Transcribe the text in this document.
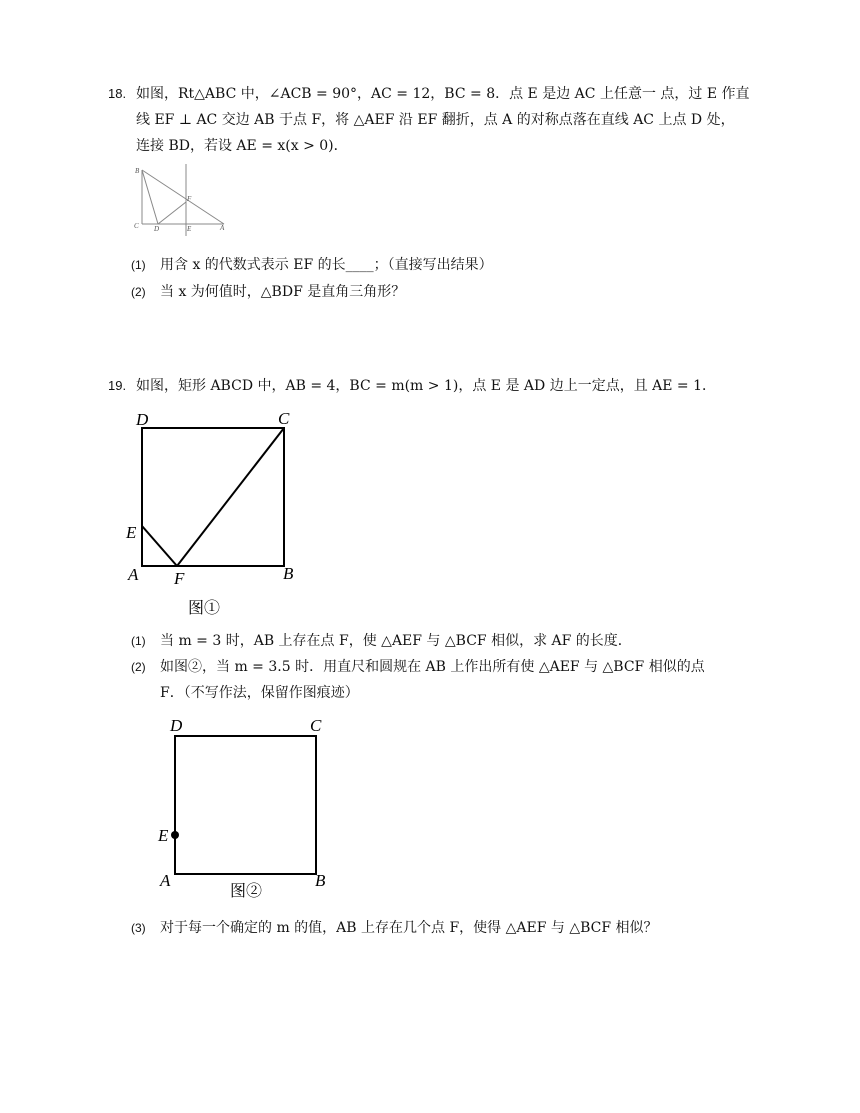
18. 如图，Rt△ABC 中，∠ACB = 90°，AC = 12，BC = 8．点 E 是边 AC 上任意一 点，过 E 作直
线 EF ⊥ AC 交边 AB 于点 F，将 △AEF 沿 EF 翻折，点 A 的对称点落在直线 AC 上点 D 处，
连接 BD，若设 AE = x(x > 0)．
B
C D	E
F
A
(1) 用含 x 的代数式表示 EF 的长____；（直接写出结果）
(2) 当 x 为何值时，△BDF 是直角三角形？
19. 如图，矩形 ABCD 中，AB = 4，BC = m(m > 1)，点 E 是 AD 边上一定点，且 AE = 1．
D	C
E
A F	B
图①
(1) 当 m = 3 时，AB 上存在点 F，使 △AEF 与 △BCF 相似，求 AF 的长度．
(2) 如图②，当 m = 3.5 时．用直尺和圆规在 AB 上作出所有使 △AEF 与 △BCF 相似的点
F．（不写作法，保留作图痕迹）
D	C
E
A	B
图②
(3) 对于每一个确定的 m 的值，AB 上存在几个点 F，使得 △AEF 与 △BCF 相似？
